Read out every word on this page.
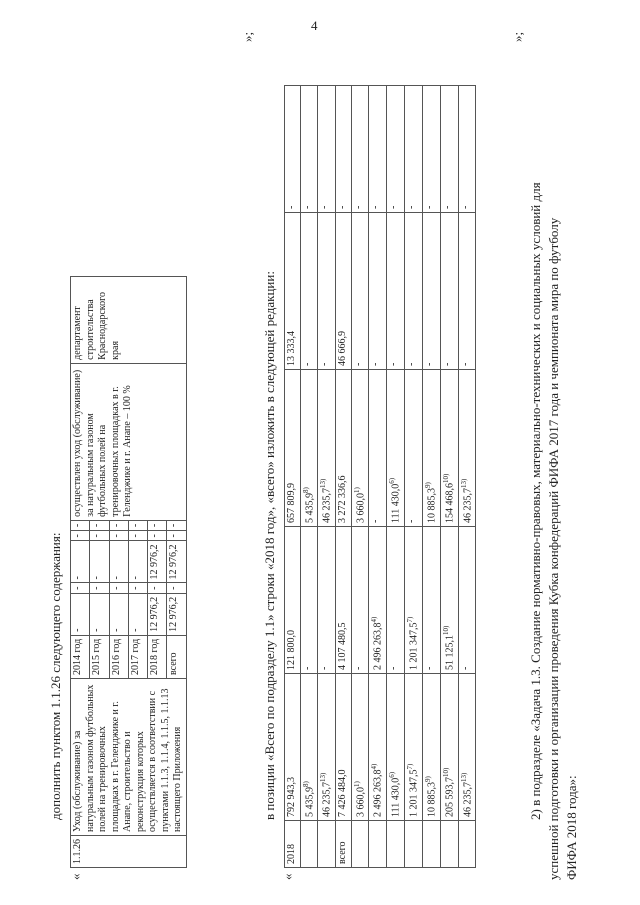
4
дополнить пунктом 1.1.26 следующего содержания:
«
1.1.26	Уход (обслуживание) за натуральным газоном футбольных полей на тренировочных площадках в г. Геленджике и г. Анапе, строительство и реконструкция которых осуществляется в соответствии с пунктами 1.1.3, 1.1.4, 1.1.5, 1.1.13 настоящего Приложения	2014 год	-	-	-	-	-	осуществлен уход (обслуживание) за натуральным газоном футбольных полей на тренировочных площадках в г. Геленджике и г. Анапе – 100 %	департамент строительства Краснодарского края
		2015 год	-	-	-	-	-		
		2016 год	-	-	-	-	-		
		2017 год	-	-	-	-	-		
		2018 год	12 976,2	-	12 976,2	-	-		
		всего	12 976,2	-	12 976,2	-	-		
»;
в позиции «Всего по подразделу 1.1» строки «2018 год», «всего» изложить в следующей редакции:
«
2018	792 943,3	121 800,0	657 809,9	13 333,4	-
	5 435,9$^{8)}$	-	5 435,9$^{8)}$	-	-
	46 235,7$^{13)}$	-	46 235,7$^{13)}$	-	-
всего	7 426 484,0	4 107 480,5	3 272 336,6	46 666,9	-
	3 660,0$^{1)}$	-	3 660,0$^{1)}$	-	-
	2 496 263,8$^{4)}$	2 496 263,8$^{4)}$	-	-	-
	111 430,0$^{6)}$	-	111 430,0$^{6)}$	-	-
	1 201 347,5$^{7)}$	1 201 347,5$^{7)}$	-	-	-
	10 885,3$^{9)}$	-	10 885,3$^{9)}$	-	-
	205 593,7$^{10)}$	51 125,1$^{10)}$	154 468,6$^{10)}$	-	-
	46 235,7$^{13)}$	-	46 235,7$^{13)}$	-	-
»;
2) в подразделе «Задача 1.3. Создание нормативно-правовых, материально-технических и социальных условий для успешной подготовки и организации проведения Кубка конфедераций ФИФА 2017 года и чемпионата мира по футболу ФИФА 2018 года»:
